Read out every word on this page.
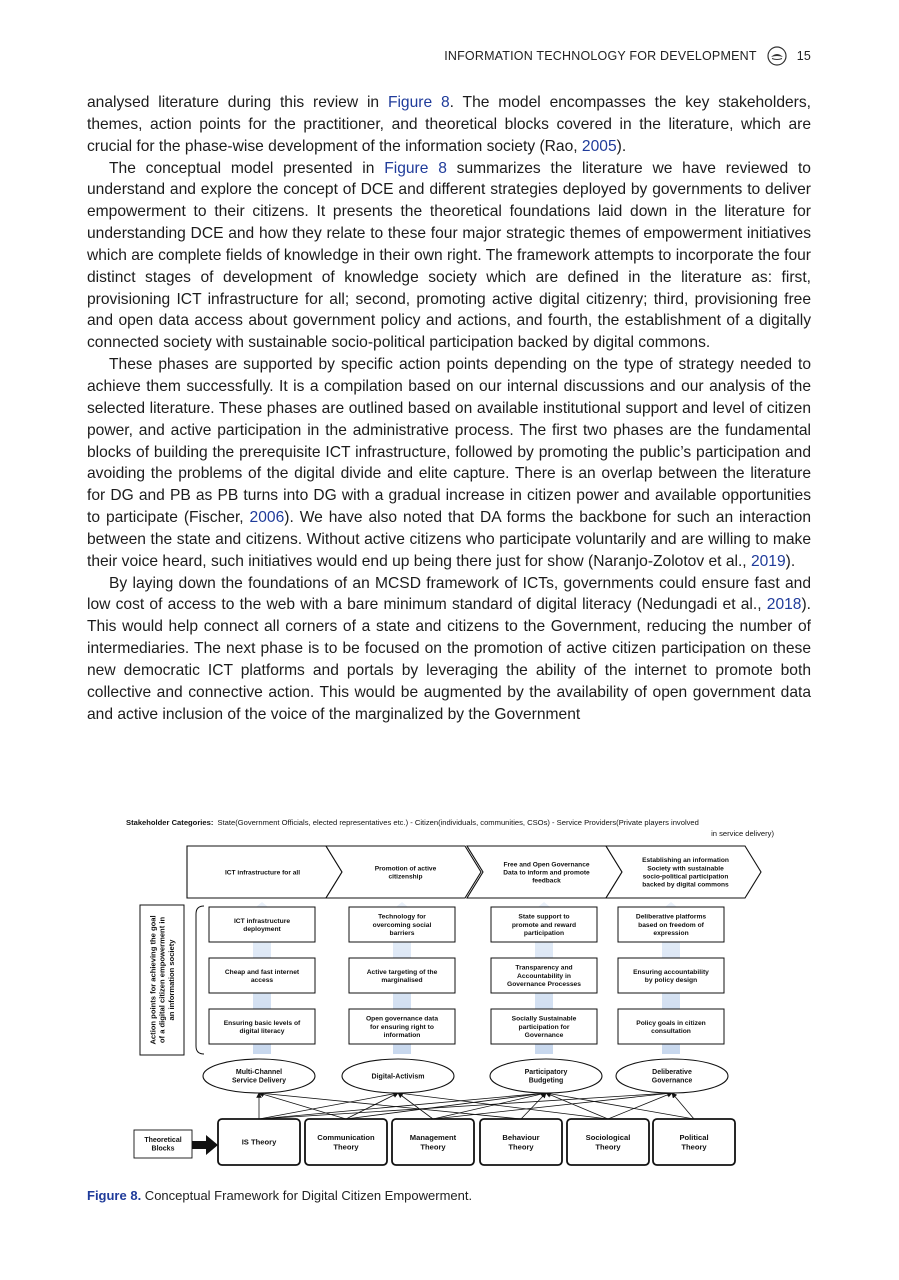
INFORMATION TECHNOLOGY FOR DEVELOPMENT	15

analysed literature during this review in Figure 8. The model encompasses the key stakeholders, themes, action points for the practitioner, and theoretical blocks covered in the literature, which are crucial for the phase-wise development of the information society (Rao, 2005).

The conceptual model presented in Figure 8 summarizes the literature we have reviewed to understand and explore the concept of DCE and different strategies deployed by governments to deliver empowerment to their citizens. It presents the theoretical foundations laid down in the literature for understanding DCE and how they relate to these four major strategic themes of empowerment initiatives which are complete fields of knowledge in their own right. The framework attempts to incorporate the four distinct stages of development of knowledge society which are defined in the literature as: first, provisioning ICT infrastructure for all; second, promoting active digital citizenry; third, provisioning free and open data access about government policy and actions, and fourth, the establishment of a digitally connected society with sustainable socio-political participation backed by digital commons.

These phases are supported by specific action points depending on the type of strategy needed to achieve them successfully. It is a compilation based on our internal discussions and our analysis of the selected literature. These phases are outlined based on available institutional support and level of citizen power, and active participation in the administrative process. The first two phases are the fundamental blocks of building the prerequisite ICT infrastructure, followed by promoting the public’s participation and avoiding the problems of the digital divide and elite capture. There is an overlap between the literature for DG and PB as PB turns into DG with a gradual increase in citizen power and available opportunities to participate (Fischer, 2006). We have also noted that DA forms the backbone for such an interaction between the state and citizens. Without active citizens who participate voluntarily and are willing to make their voice heard, such initiatives would end up being there just for show (Naranjo-Zolotov et al., 2019).

By laying down the foundations of an MCSD framework of ICTs, governments could ensure fast and low cost of access to the web with a bare minimum standard of digital literacy (Nedungadi et al., 2018). This would help connect all corners of a state and citizens to the Government, reducing the number of intermediaries. The next phase is to be focused on the promotion of active citizen participation on these new democratic ICT platforms and portals by leveraging the ability of the internet to promote both collective and connective action. This would be augmented by the availability of open government data and active inclusion of the voice of the marginalized by the Government

Stakeholder Categories: State(Government Officials, elected representatives etc.) - Citizen(individuals, communities, CSOs) - Service Providers(Private players involved
in service delivery)
ICT infrastructure for all
Promotion of active citizenship
Free and Open Governance Data to inform and promote feedback
Establishing an information Society with sustainable socio-political participation backed by digital commons
Action points for achieving the goalof a digital citizen empowerment inan information society
ICT infrastructure deployment
Cheap and fast internet access
Ensuring basic levels of digital literacy
Technology for overcoming social barriers
Active targeting of the marginalised
Open governance data for ensuring right to information
State support to promote and reward participation
Transparency and Accountability in Governance Processes
Socially Sustainable participation for Governance
Deliberative platforms based on freedom of expression
Ensuring accountability by policy design
Policy goals in citizen consultation
Multi-Channel Service Delivery
Digital-Activism
Participatory Budgeting
Deliberative Governance
Theoretical Blocks
IS Theory
Communication Theory
Management Theory
Behaviour Theory
Sociological Theory
Political Theory
Figure 8. Conceptual Framework for Digital Citizen Empowerment.
